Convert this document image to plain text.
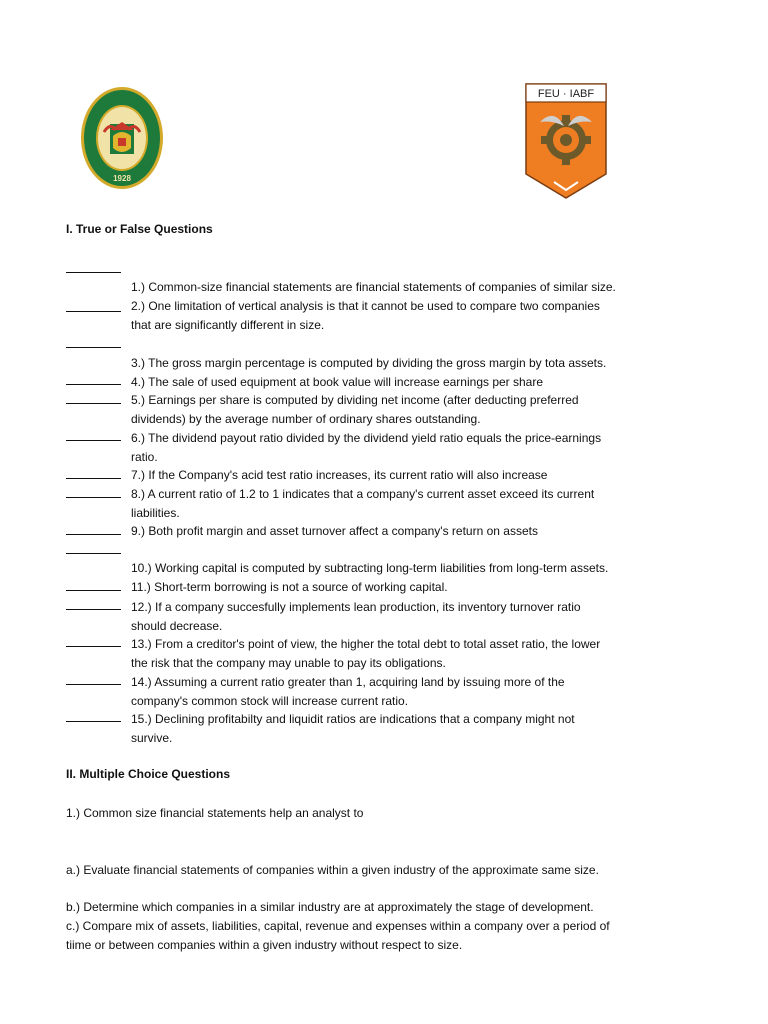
1928
FEU · IABF
I. True or False Questions
1.) Common-size financial statements are financial statements of companies of similar size.
2.) One limitation of vertical analysis is that it cannot be used to compare two companies
that are significantly different in size.
3.) The gross margin percentage is computed by dividing the gross margin by tota assets.
4.) The sale of used equipment at book value will increase earnings per share
5.) Earnings per share is computed by dividing net income (after deducting preferred
dividends) by the average number of ordinary shares outstanding.
6.) The dividend payout ratio divided by the dividend yield ratio equals the price-earnings
ratio.
7.) If the Company's acid test ratio increases, its current ratio will also increase
8.) A current ratio of 1.2 to 1 indicates that a company's current asset exceed its current
liabilities.
9.) Both profit margin and asset turnover affect a company's return on assets
10.) Working capital is computed by subtracting long-term liabilities from long-term assets.
11.) Short-term borrowing is not a source of working capital.
12.) If a company succesfully implements lean production, its inventory turnover ratio
should decrease.
13.) From a creditor's point of view, the higher the total debt to total asset ratio, the lower
the risk that the company may unable to pay its obligations.
14.) Assuming a current ratio greater than 1, acquiring land by issuing more of the
company's common stock will increase current ratio.
15.) Declining profitabilty and liquidit ratios are indications that a company might not
survive.
II. Multiple Choice Questions
1.) Common size financial statements help an analyst to
a.) Evaluate financial statements of companies within a given industry of the approximate same size.
b.) Determine which companies in a similar industry are at approximately the stage of development.
c.) Compare mix of assets, liabilities, capital, revenue and expenses within a company over a period of
tiime or between companies within a given industry without respect to size.
